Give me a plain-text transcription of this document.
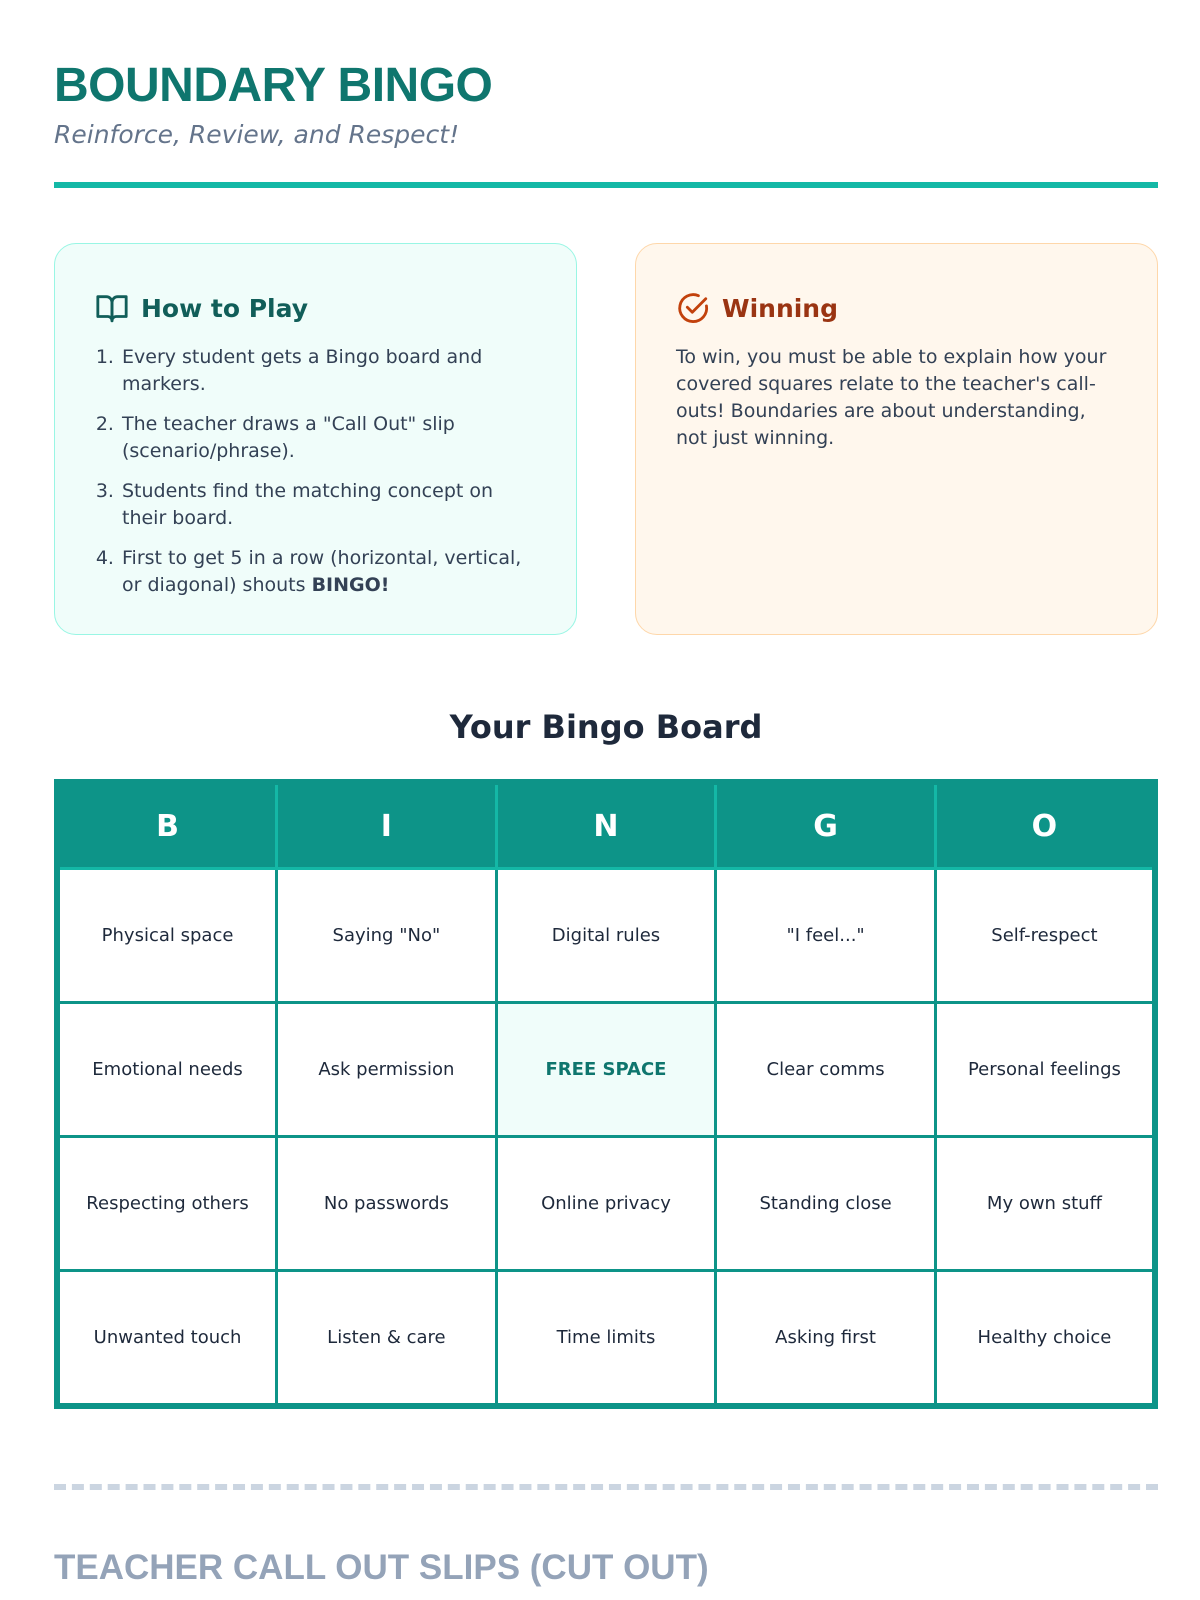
BOUNDARY BINGO

Reinforce, Review, and Respect!

How to Play
1. Every student gets a Bingo board and markers.
2. The teacher draws a "Call Out" slip (scenario/phrase).
3. Students find the matching concept on their board.
4. First to get 5 in a row (horizontal, vertical, or diagonal) shouts BINGO!
Winning

To win, you must be able to explain how your covered squares relate to the teacher's call-outs! Boundaries are about understanding, not just winning.

Your Bingo Board
B	I	N	G	O
Physical space	Saying "No"	Digital rules	"I feel..."	Self-respect
Emotional needs	Ask permission	FREE SPACE	Clear comms	Personal feelings
Respecting others	No passwords	Online privacy	Standing close	My own stuff
Unwanted touch	Listen & care	Time limits	Asking first	Healthy choice
TEACHER CALL OUT SLIPS (CUT OUT)
